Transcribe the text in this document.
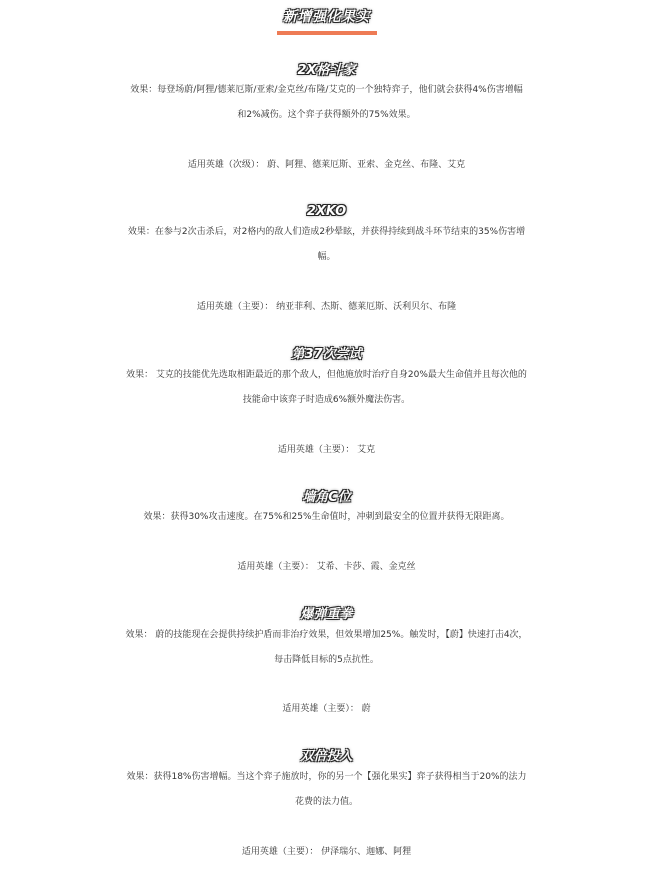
新增强化果实
2X格斗家
效果：每登场蔚/阿狸/德莱厄斯/亚索/金克丝/布隆/艾克的一个独特弈子，他们就会获得4%伤害增幅
和2%减伤。这个弈子获得额外的75%效果。
适用英雄（次级）： 蔚、阿狸、德莱厄斯、亚索、金克丝、布隆、艾克
2XKO
效果：在参与2次击杀后，对2格内的敌人们造成2秒晕眩，并获得持续到战斗环节结束的35%伤害增
幅。
适用英雄（主要）： 纳亚菲利、杰斯、德莱厄斯、沃利贝尔、布隆
第37次尝试
效果： 艾克的技能优先选取相距最近的那个敌人，但他施放时治疗自身20%最大生命值并且每次他的
技能命中该弈子时造成6%额外魔法伤害。
适用英雄（主要）： 艾克
墙角C位
效果：获得30%攻击速度。在75%和25%生命值时，冲刺到最安全的位置并获得无限距离。
适用英雄（主要）： 艾希、卡莎、霞、金克丝
爆弹重拳
效果： 蔚的技能现在会提供持续护盾而非治疗效果，但效果增加25%。触发时，【蔚】快速打击4次，
每击降低目标的5点抗性。
适用英雄（主要）： 蔚
双倍投入
效果：获得18%伤害增幅。当这个弈子施放时，你的另一个【强化果实】弈子获得相当于20%的法力
花费的法力值。
适用英雄（主要）： 伊泽瑞尔、迦娜、阿狸
